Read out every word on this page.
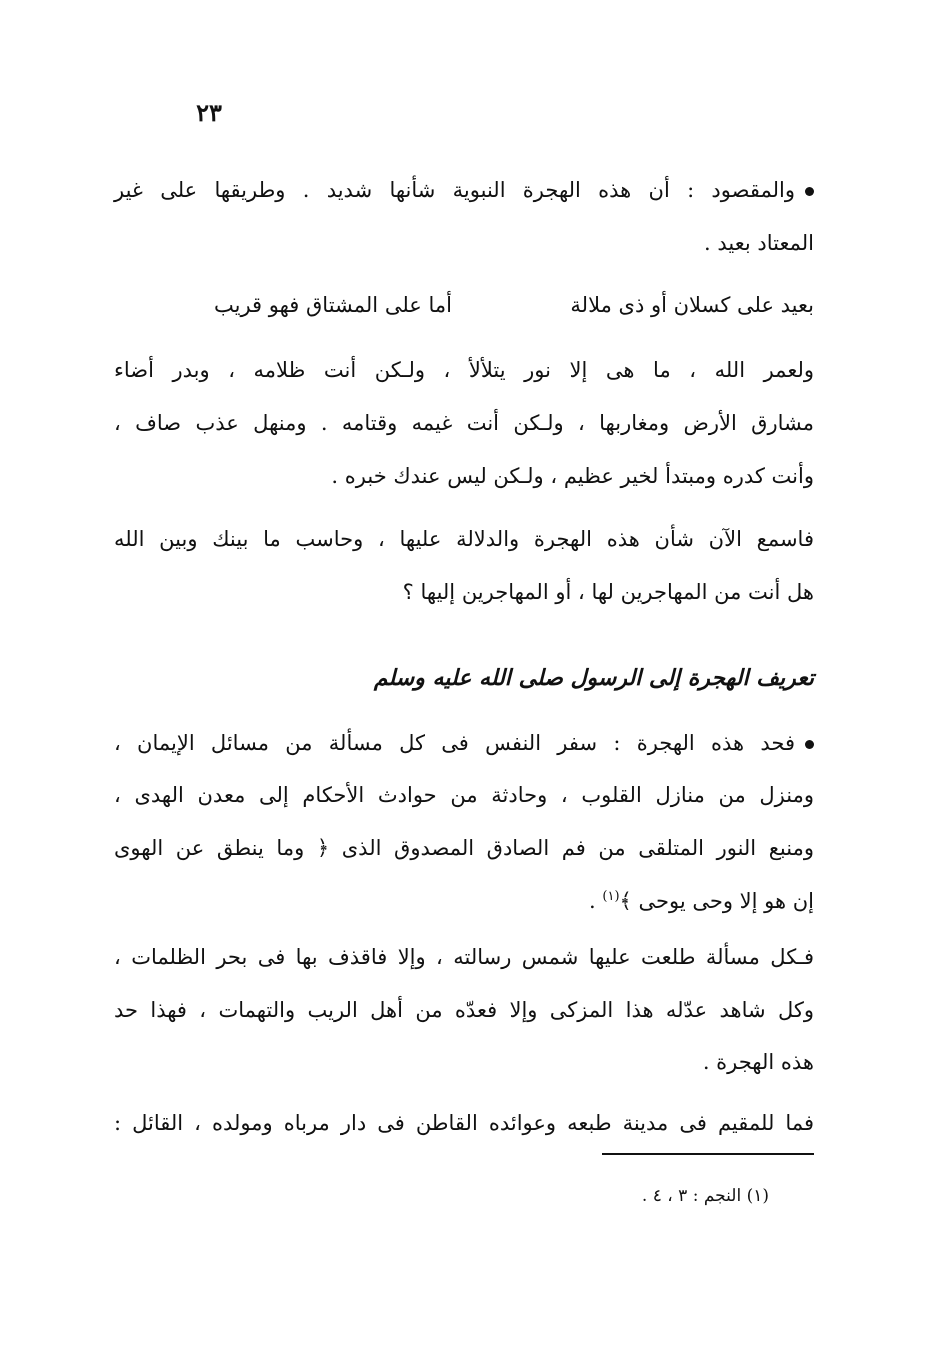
٢٣
والمقصود : أن هذه الهجرة النبوية شأنها شديد . وطريقها على غير
المعتاد بعيد .
بعيد على كسلان أو ذى ملالة
أما على المشتاق فهو قريب
ولعمر الله ، ما هى إلا نور يتلألأ ، ولـكن أنت ظلامه ، وبدر أضاء
مشارق الأرض ومغاربها ، ولـكن أنت غيمه وقتامه . ومنهل عذب صاف ،
وأنت كدره ومبتدأ لخير عظيم ، ولـكن ليس عندك خبره .
فاسمع الآن شأن هذه الهجرة والدلالة عليها ، وحاسب ما بينك وبين الله
هل أنت من المهاجرين لها ، أو المهاجرين إليها ؟
تعريف الهجرة إلى الرسول صلى الله عليه وسلم
فحد هذه الهجرة : سفر النفس فى كل مسألة من مسائل الإيمان ،
ومنزل من منازل القلوب ، وحادثة من حوادث الأحكام إلى معدن الهدى ،
ومنبع النور المتلقى من فم الصادق المصدوق الذى ﴿ وما ينطق عن الهوى
إن هو إلا وحى يوحى ﴾$^{(١)}$ .
فـكل مسألة طلعت عليها شمس رسالته ، وإلا فاقذف بها فى بحر الظلمات ،
وكل شاهد عدّله هذا المزكى وإلا فعدّه من أهل الريب والتهمات ، فهذا حد
هذه الهجرة .
فما للمقيم فى مدينة طبعه وعوائده القاطن فى دار مرباه ومولده ، القائل :
(١) النجم : ٣ ، ٤ .
